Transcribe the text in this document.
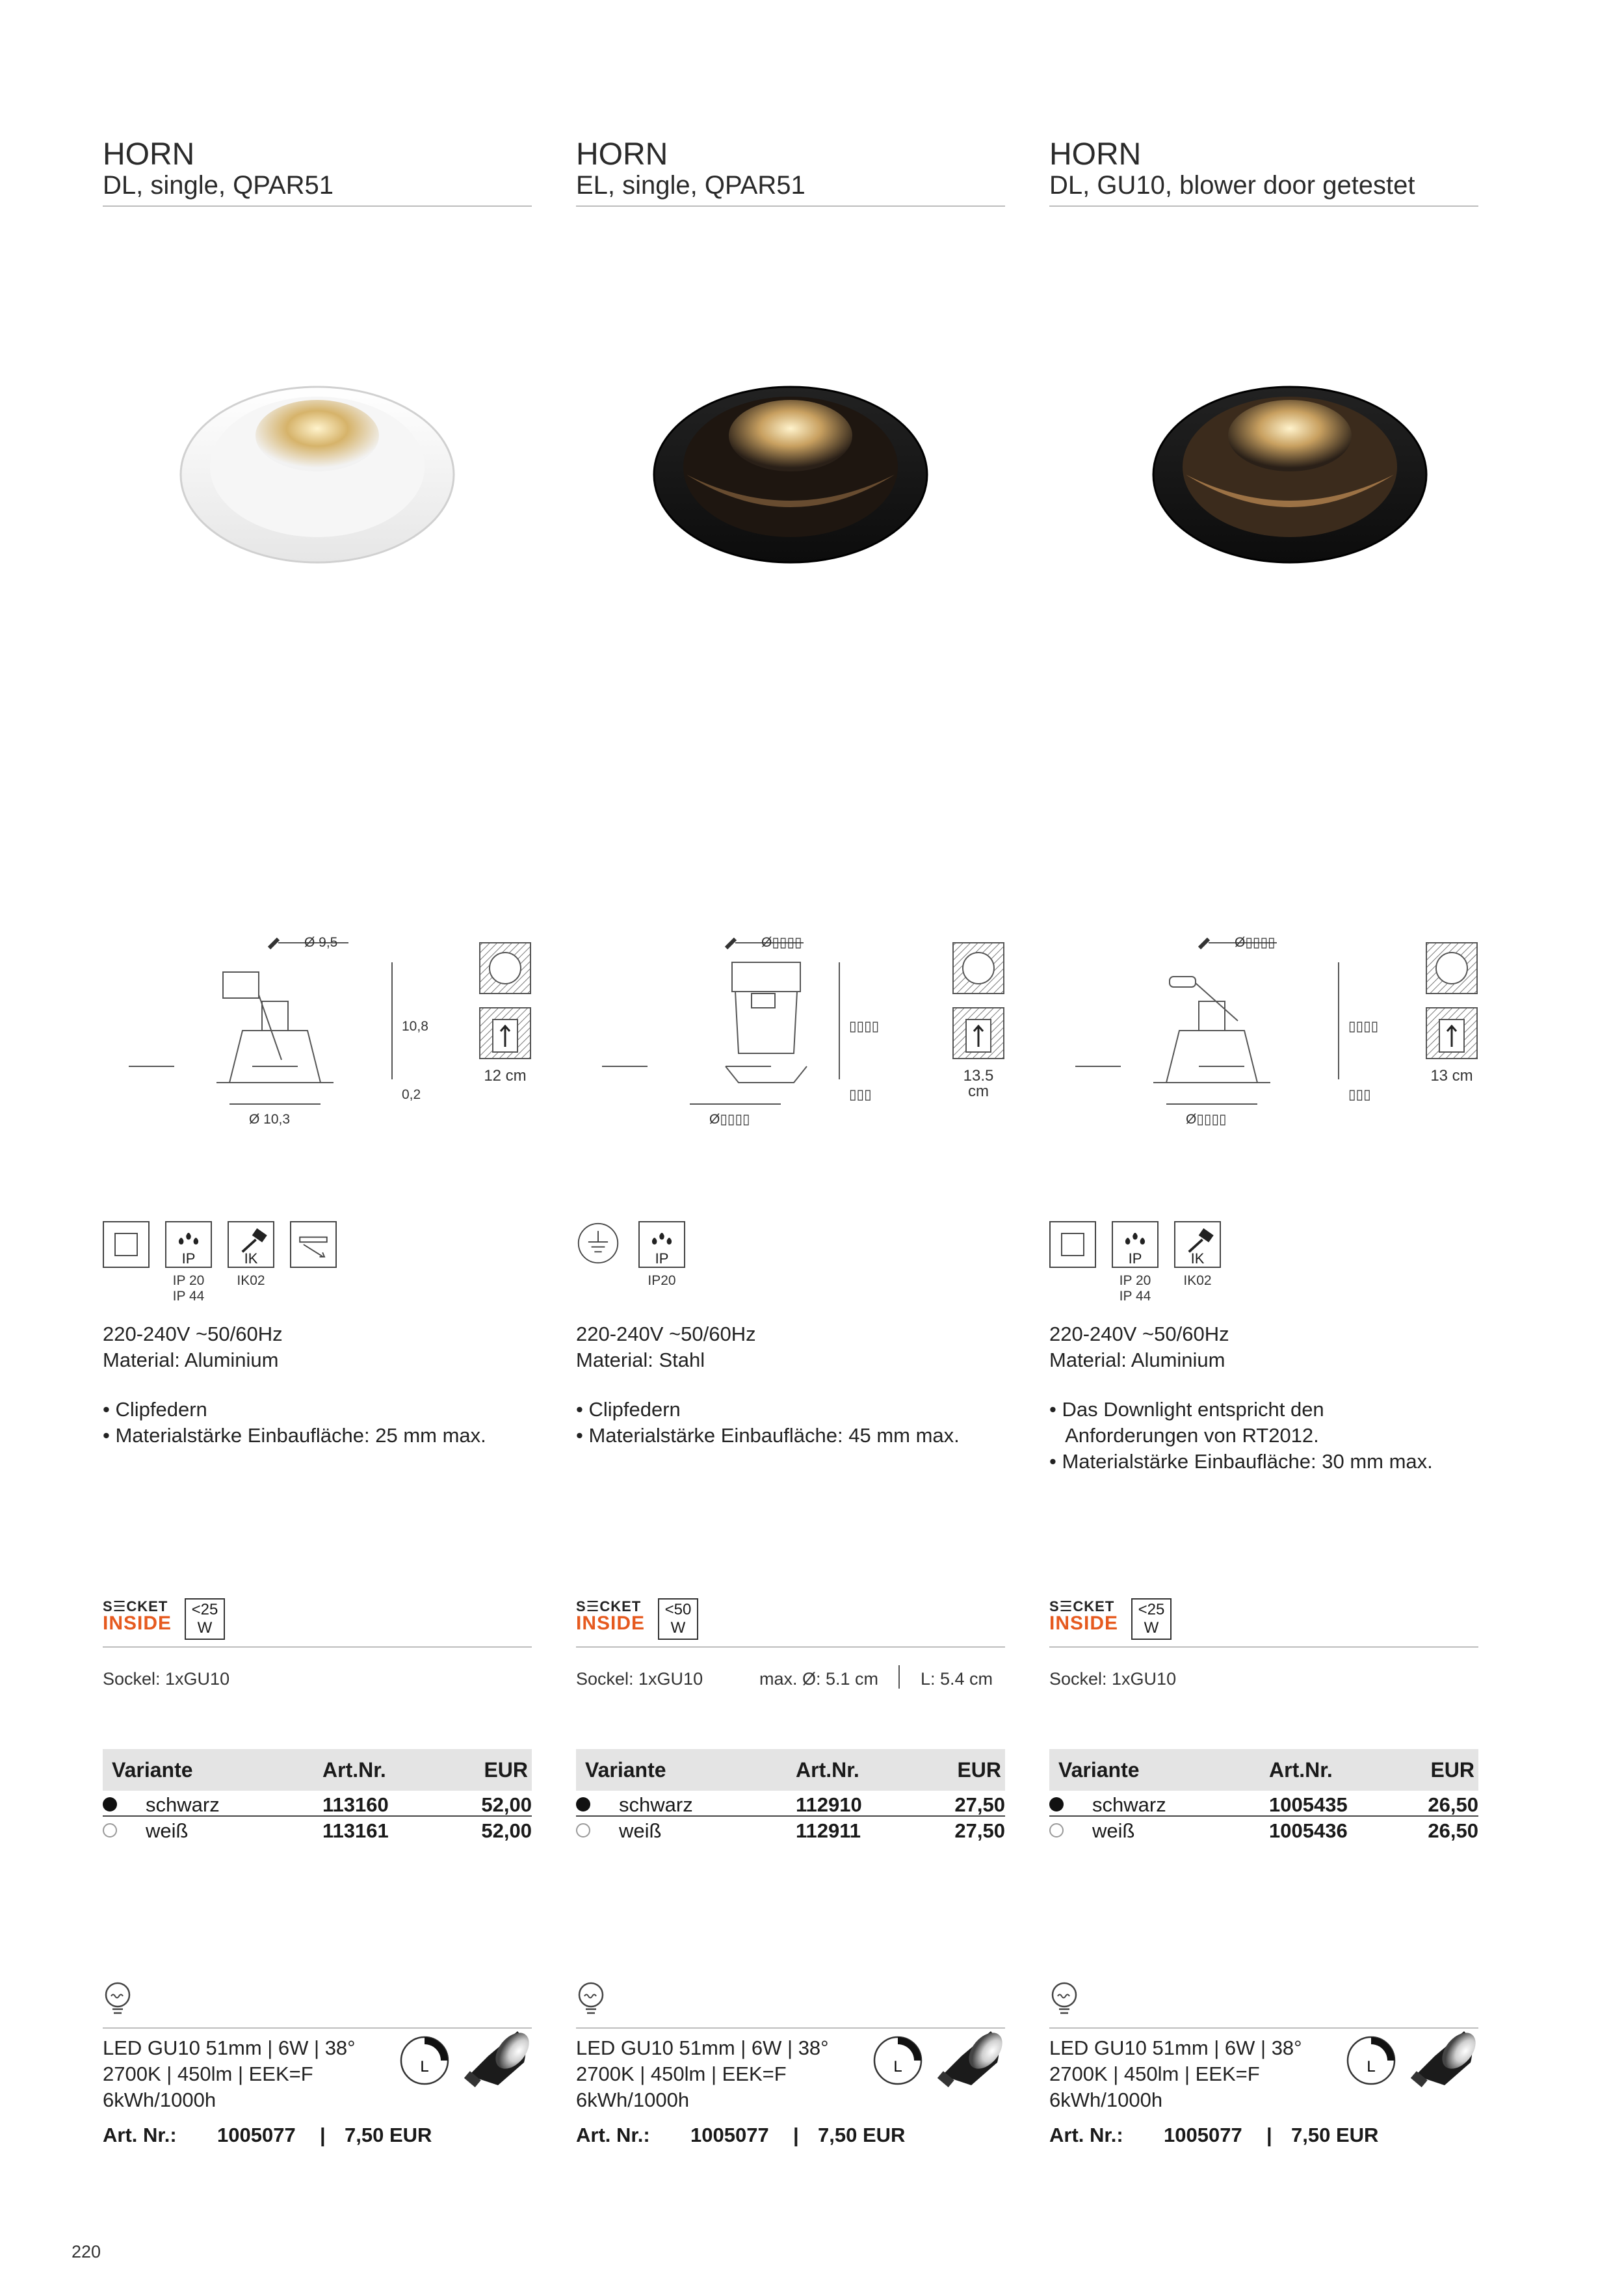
HORN
DL, single, QPAR51
Ø 9,5
10,8
0,2
Ø 10,3
12 cm
IP	IK
IP 20
IP 44
IK02

220-240V ~50/60Hz

Material: Aluminium

• Clipfedern

• Materialstärke Einbaufläche: 25 mm max.

S☰CKET
INSIDE
<25
W
Sockel: 1xGU10
Variante	Art.Nr.	EUR
schwarz	113160	52,00
weiß	113161	52,00

LED GU10 51mm | 6W | 38°

2700K | 450lm | EEK=F

6kWh/1000h

L
Art. Nr.: 1005077 | 7,50 EUR
HORN
EL, single, QPAR51
Ø▯▯▯▯
▯▯▯▯
▯▯▯
Ø▯▯▯▯
13.5
cm
IP
IP20

220-240V ~50/60Hz

Material: Stahl

• Clipfedern

• Materialstärke Einbaufläche: 45 mm max.

S☰CKET
INSIDE
<50
W
Sockel: 1xGU10	max. Ø: 5.1 cm L: 5.4 cm
Variante	Art.Nr.	EUR
schwarz	112910	27,50
weiß	112911	27,50

LED GU10 51mm | 6W | 38°

2700K | 450lm | EEK=F

6kWh/1000h

L
Art. Nr.: 1005077 | 7,50 EUR
HORN
DL, GU10, blower door getestet
Ø▯▯▯▯
▯▯▯▯
▯▯▯
Ø▯▯▯▯
13 cm
IP	IK
IP 20
IP 44
IK02

220-240V ~50/60Hz

Material: Aluminium

• Das Downlight entspricht den

Anforderungen von RT2012.

• Materialstärke Einbaufläche: 30 mm max.

S☰CKET
INSIDE
<25
W
Sockel: 1xGU10
Variante	Art.Nr.	EUR
schwarz	1005435	26,50
weiß	1005436	26,50

LED GU10 51mm | 6W | 38°

2700K | 450lm | EEK=F

6kWh/1000h

L
Art. Nr.: 1005077 | 7,50 EUR
220
